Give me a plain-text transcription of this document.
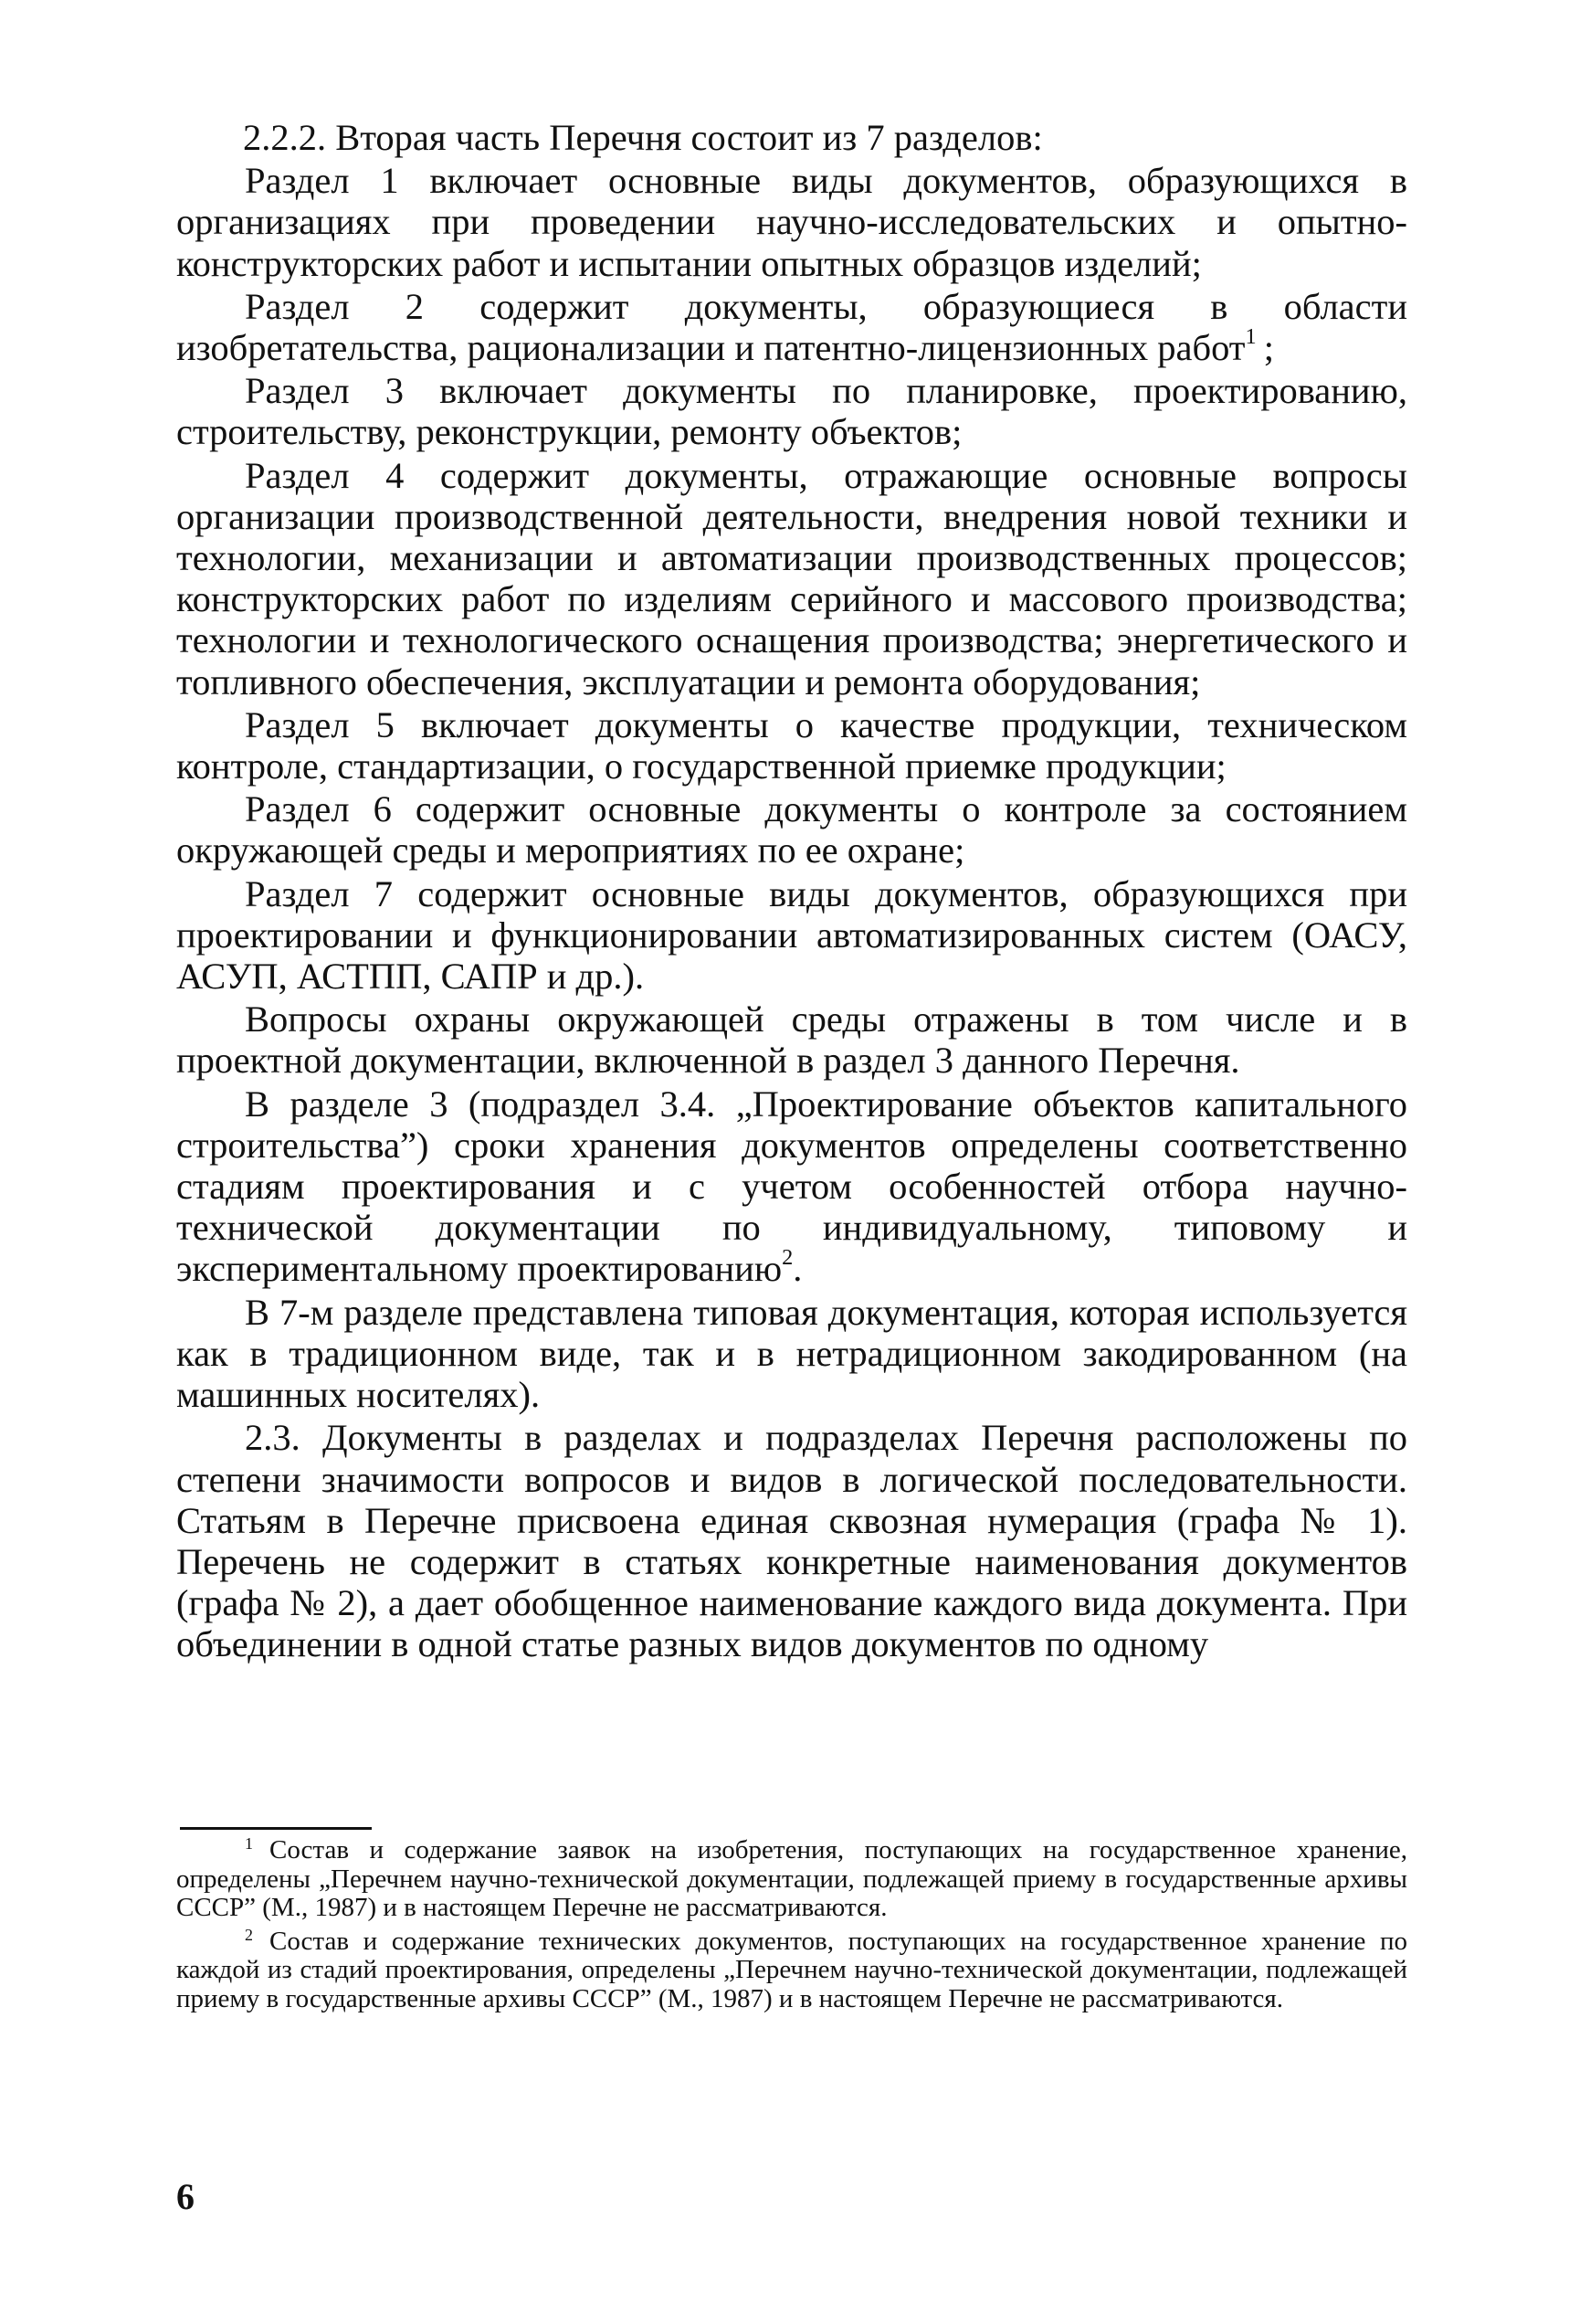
2.2.2. Вторая часть Перечня состоит из 7 разделов:

Раздел 1 включает основные виды документов, образующихся в организациях при проведении научно-исследовательских и опытно-конструкторских работ и испытании опытных образцов изделий;

Раздел 2 содержит документы, образующиеся в области изобретательства, рационализации и патентно-лицензионных работ$^1$  ;

Раздел 3 включает документы по планировке, проектированию, строительству, реконструкции, ремонту объектов;

Раздел 4 содержит документы, отражающие основные вопросы организации производственной деятельности, внедрения новой техники и технологии, механизации и автоматизации производственных процессов; конструкторских работ по изделиям серийного и массового производства; технологии и технологического оснащения производства; энергетического и топливного обеспечения, эксплуатации и ремонта оборудования;

Раздел 5 включает документы о качестве продукции, техническом контроле, стандартизации, о государственной приемке продукции;

Раздел 6 содержит основные документы о контроле за состоянием окружающей среды и мероприятиях по ее охране;

Раздел 7 содержит основные виды документов, образующихся при проектировании и функционировании автоматизированных систем (ОАСУ, АСУП, АСТПП, САПР и др.).

Вопросы охраны окружающей среды отражены в том числе и в проектной документации, включенной в раздел 3 данного Перечня.

В разделе 3 (подраздел 3.4. „Проектирование объектов капитального строительства”) сроки хранения документов определены соответственно стадиям проектирования и с учетом особенностей отбора научно-технической документации по индивидуальному, типовому и экспериментальному проектированию$^2$.

В 7-м разделе представлена типовая документация, которая используется как в традиционном виде, так и в нетрадиционном закодированном (на машинных носителях).

2.3. Документы в разделах и подразделах Перечня расположены по степени значимости вопросов и видов в логической последовательности. Статьям в Перечне присвоена единая сквозная нумерация (графа № 1). Перечень не содержит в статьях конкретные наименования документов (графа № 2), а дает обобщенное наименование каждого вида документа. При объединении в одной статье разных видов документов по одному

$^1$ Состав и содержание заявок на изобретения, поступающих на государственное хранение, определены „Перечнем научно-технической документации, подлежащей приему в государственные архивы СССР” (М., 1987) и в настоящем Перечне не рассматриваются.

$^2$ Состав и содержание технических документов, поступающих на государственное хранение по каждой из стадий проектирования, определены „Перечнем научно-технической документации, подлежащей приему в государственные архивы СССР” (М., 1987) и в настоящем Перечне не рассматриваются.

6
